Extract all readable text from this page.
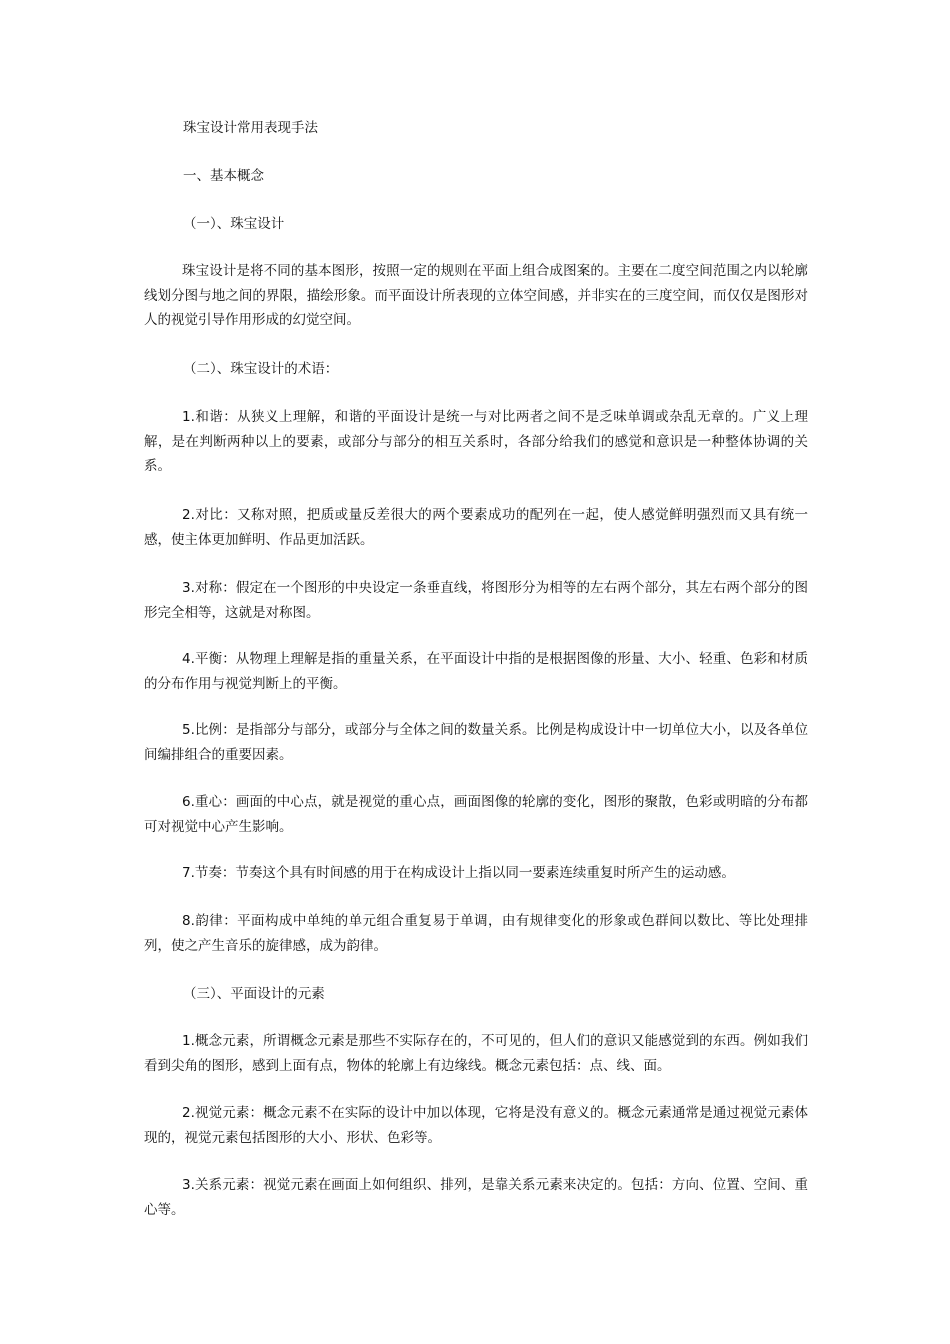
珠宝设计常用表现手法
一、基本概念
（一）、珠宝设计
珠宝设计是将不同的基本图形，按照一定的规则在平面上组合成图案的。主要在二度空间范围之内以轮廓线划分图与地之间的界限，描绘形象。而平面设计所表现的立体空间感，并非实在的三度空间，而仅仅是图形对人的视觉引导作用形成的幻觉空间。
（二）、珠宝设计的术语：
1.和谐：从狭义上理解，和谐的平面设计是统一与对比两者之间不是乏味单调或杂乱无章的。广义上理解，是在判断两种以上的要素，或部分与部分的相互关系时，各部分给我们的感觉和意识是一种整体协调的关系。
2.对比：又称对照，把质或量反差很大的两个要素成功的配列在一起，使人感觉鲜明强烈而又具有统一感，使主体更加鲜明、作品更加活跃。
3.对称：假定在一个图形的中央设定一条垂直线，将图形分为相等的左右两个部分，其左右两个部分的图形完全相等，这就是对称图。
4.平衡：从物理上理解是指的重量关系，在平面设计中指的是根据图像的形量、大小、轻重、色彩和材质的分布作用与视觉判断上的平衡。
5.比例：是指部分与部分，或部分与全体之间的数量关系。比例是构成设计中一切单位大小，以及各单位间编排组合的重要因素。
6.重心：画面的中心点，就是视觉的重心点，画面图像的轮廓的变化，图形的聚散，色彩或明暗的分布都可对视觉中心产生影响。
7.节奏：节奏这个具有时间感的用于在构成设计上指以同一要素连续重复时所产生的运动感。
8.韵律：平面构成中单纯的单元组合重复易于单调，由有规律变化的形象或色群间以数比、等比处理排列，使之产生音乐的旋律感，成为韵律。
（三）、平面设计的元素
1.概念元素，所谓概念元素是那些不实际存在的，不可见的，但人们的意识又能感觉到的东西。例如我们看到尖角的图形，感到上面有点，物体的轮廓上有边缘线。概念元素包括：点、线、面。
2.视觉元素：概念元素不在实际的设计中加以体现，它将是没有意义的。概念元素通常是通过视觉元素体现的，视觉元素包括图形的大小、形状、色彩等。
3.关系元素：视觉元素在画面上如何组织、排列，是靠关系元素来决定的。包括：方向、位置、空间、重心等。
